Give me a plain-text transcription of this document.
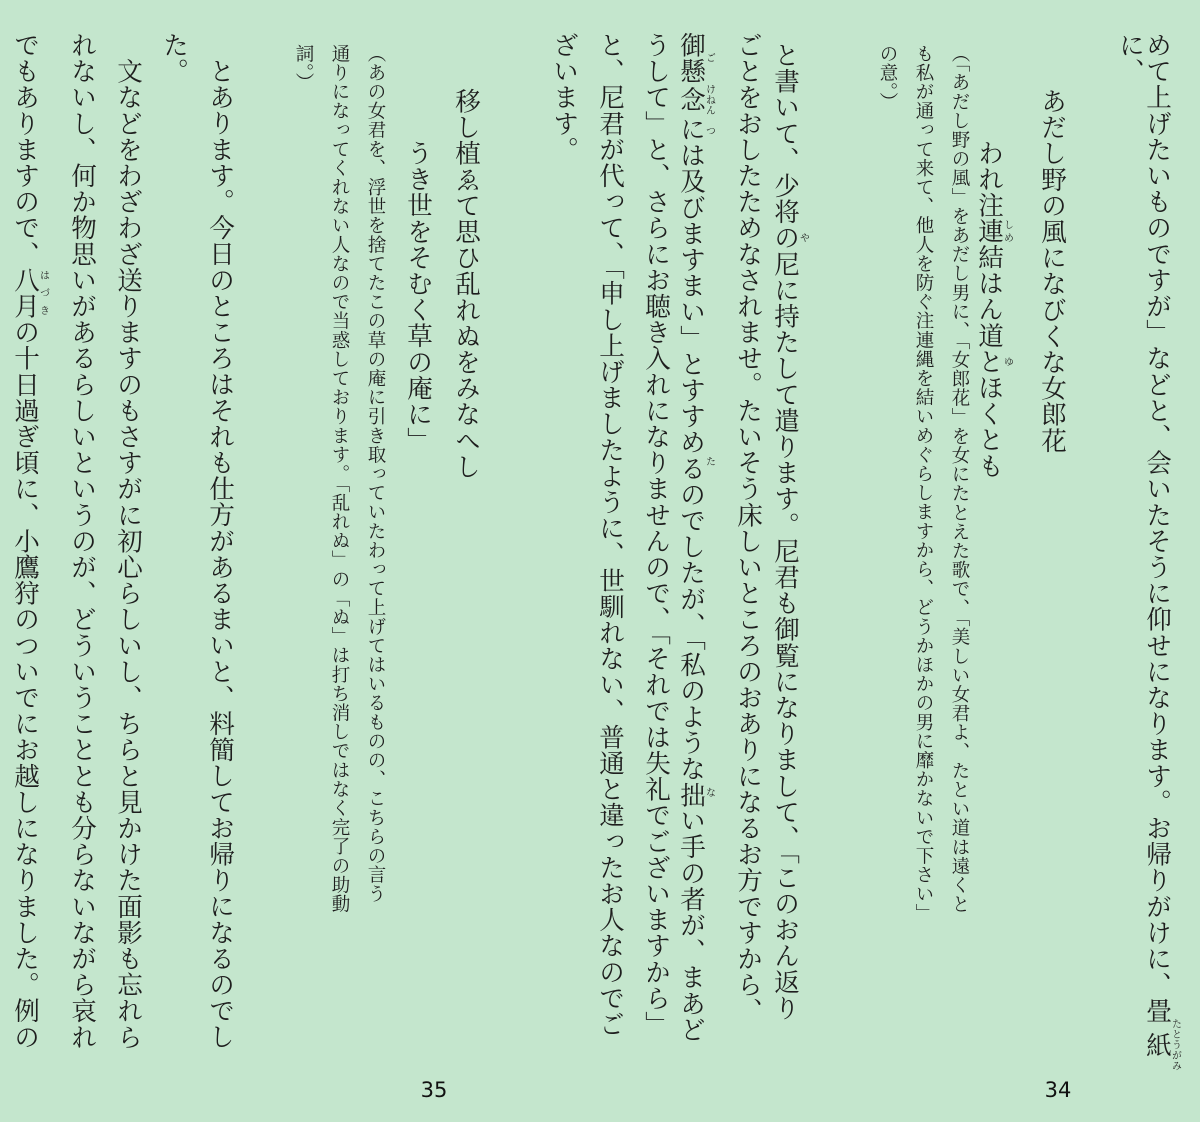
めて上げたいものですが」などと、会いたそうに仰せになります。お帰りがけに、畳紙たとうがみ
に、
あだし野の風になびくな女郎花
われ注連しめ結はん道とほくともゆ
（「あだし野の風」をあだし男に、「女郎花」を女にたとえた歌で、「美しい女君よ、たとい道は遠くと
も私が通って来て、他人を防ぐ注連縄を結いめぐらしますから、どうかほかの男に靡かないで下さい」
の意。）
と書いて、少将の尼に持たして遣やります。尼君も御覧になりまして、「このおん返り
ごとをおしたためなされませ。たいそう床しいところのおありになるお方ですから、
御懸ご念けねんには及びますまい」とすすめるのでしたが、「私のような拙つたない手の者が、まあど
うして」と、さらにお聴き入れになりませんので、「それでは失礼でございますから」
と、尼君が代って、「申し上げましたように、世馴れない、普通と違ったお人なのでご
ざいます。
34
移し植ゑて思ひ乱れぬをみなへし
うき世をそむく草の庵に」
（あの女君を、浮世を捨てたこの草の庵に引き取っていたわって上げてはいるものの、こちらの言う
通りになってくれない人なので当惑しております。「乱れぬ」の「ぬ」は打ち消しではなく完了の助動
詞。）
とあります。今日のところはそれも仕方があるまいと、料簡してお帰りになるのでし
た。
　文などをわざわざ送りますのもさすがに初心らしいし、ちらと見かけた面影も忘れら
れないし、何か物思いがあるらしいというのが、どういうこととも分らないながら哀れ
でもありますので、八月はづきの十日過ぎ頃に、小鷹狩のついでにお越しになりました。例の
35
